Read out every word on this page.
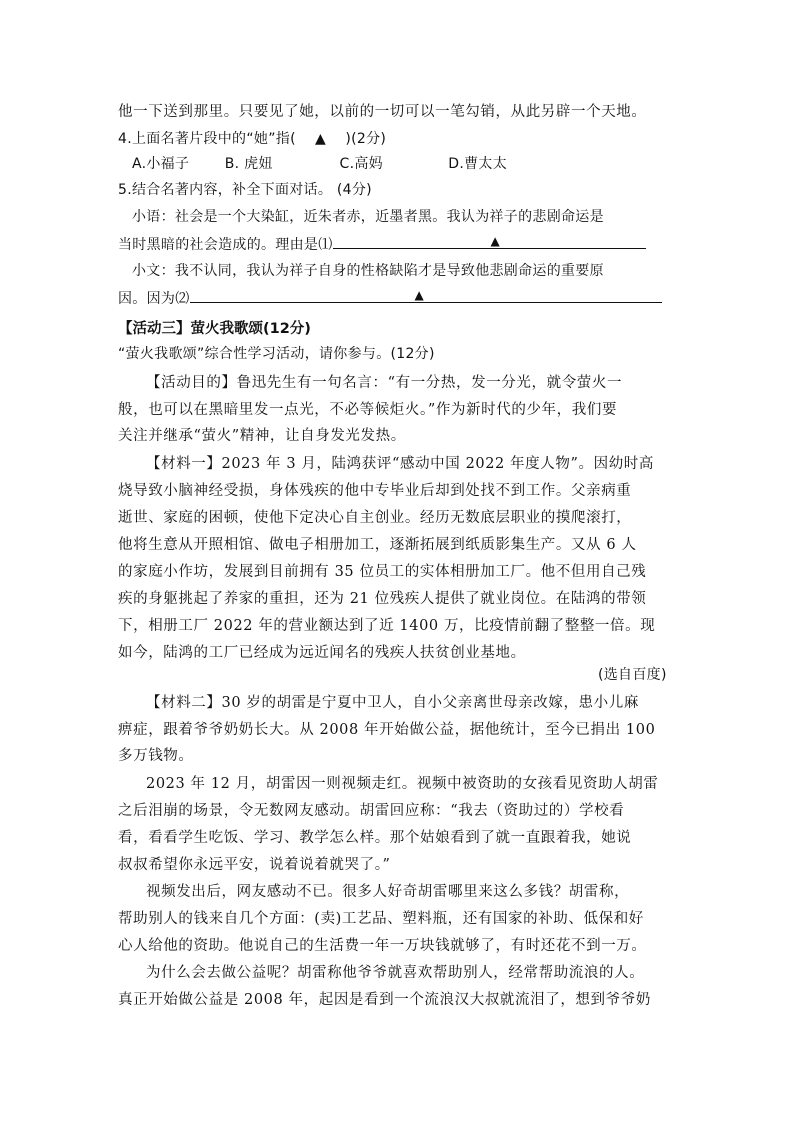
他一下送到那里。只要见了她，以前的一切可以一笔勾销，从此另辟一个天地。
4.上面名著片段中的“她”指( ▲ )(2分)
A.小福子	B. 虎妞	C.高妈	D.曹太太
5.结合名著内容，补全下面对话。 (4分)
小语：社会是一个大染缸，近朱者赤，近墨者黑。我认为祥子的悲剧命运是
当时黑暗的社会造成的。理由是⑴	▲
小文：我不认同，我认为祥子自身的性格缺陷才是导致他悲剧命运的重要原
因。因为⑵	▲
【活动三】萤火我歌颂(12分)
“萤火我歌颂”综合性学习活动，请你参与。(12分)
【活动目的】鲁迅先生有一句名言：“有一分热，发一分光，就令萤火一
般，也可以在黑暗里发一点光，不必等候炬火。”作为新时代的少年，我们要
关注并继承“萤火”精神，让自身发光发热。
【材料一】2023 年 3 月，陆鸿获评“感动中国 2022 年度人物”。因幼时高
烧导致小脑神经受损，身体残疾的他中专毕业后却到处找不到工作。父亲病重
逝世、家庭的困顿，使他下定决心自主创业。经历无数底层职业的摸爬滚打，
他将生意从开照相馆、做电子相册加工，逐渐拓展到纸质影集生产。又从 6 人
的家庭小作坊，发展到目前拥有 35 位员工的实体相册加工厂。他不但用自己残
疾的身躯挑起了养家的重担，还为 21 位残疾人提供了就业岗位。在陆鸿的带领
下，相册工厂 2022 年的营业额达到了近 1400 万，比疫情前翻了整整一倍。现
如今，陆鸿的工厂已经成为远近闻名的残疾人扶贫创业基地。
(选自百度)
【材料二】30 岁的胡雷是宁夏中卫人，自小父亲离世母亲改嫁，患小儿麻
痹症，跟着爷爷奶奶长大。从 2008 年开始做公益，据他统计，至今已捐出 100
多万钱物。
2023 年 12 月，胡雷因一则视频走红。视频中被资助的女孩看见资助人胡雷
之后泪崩的场景，令无数网友感动。胡雷回应称：“我去（资助过的）学校看
看，看看学生吃饭、学习、教学怎么样。那个姑娘看到了就一直跟着我，她说
叔叔希望你永远平安，说着说着就哭了。”
视频发出后，网友感动不已。很多人好奇胡雷哪里来这么多钱？胡雷称，
帮助别人的钱来自几个方面：(卖)工艺品、塑料瓶，还有国家的补助、低保和好
心人给他的资助。他说自己的生活费一年一万块钱就够了，有时还花不到一万。
为什么会去做公益呢？胡雷称他爷爷就喜欢帮助别人，经常帮助流浪的人。
真正开始做公益是 2008 年，起因是看到一个流浪汉大叔就流泪了，想到爷爷奶
